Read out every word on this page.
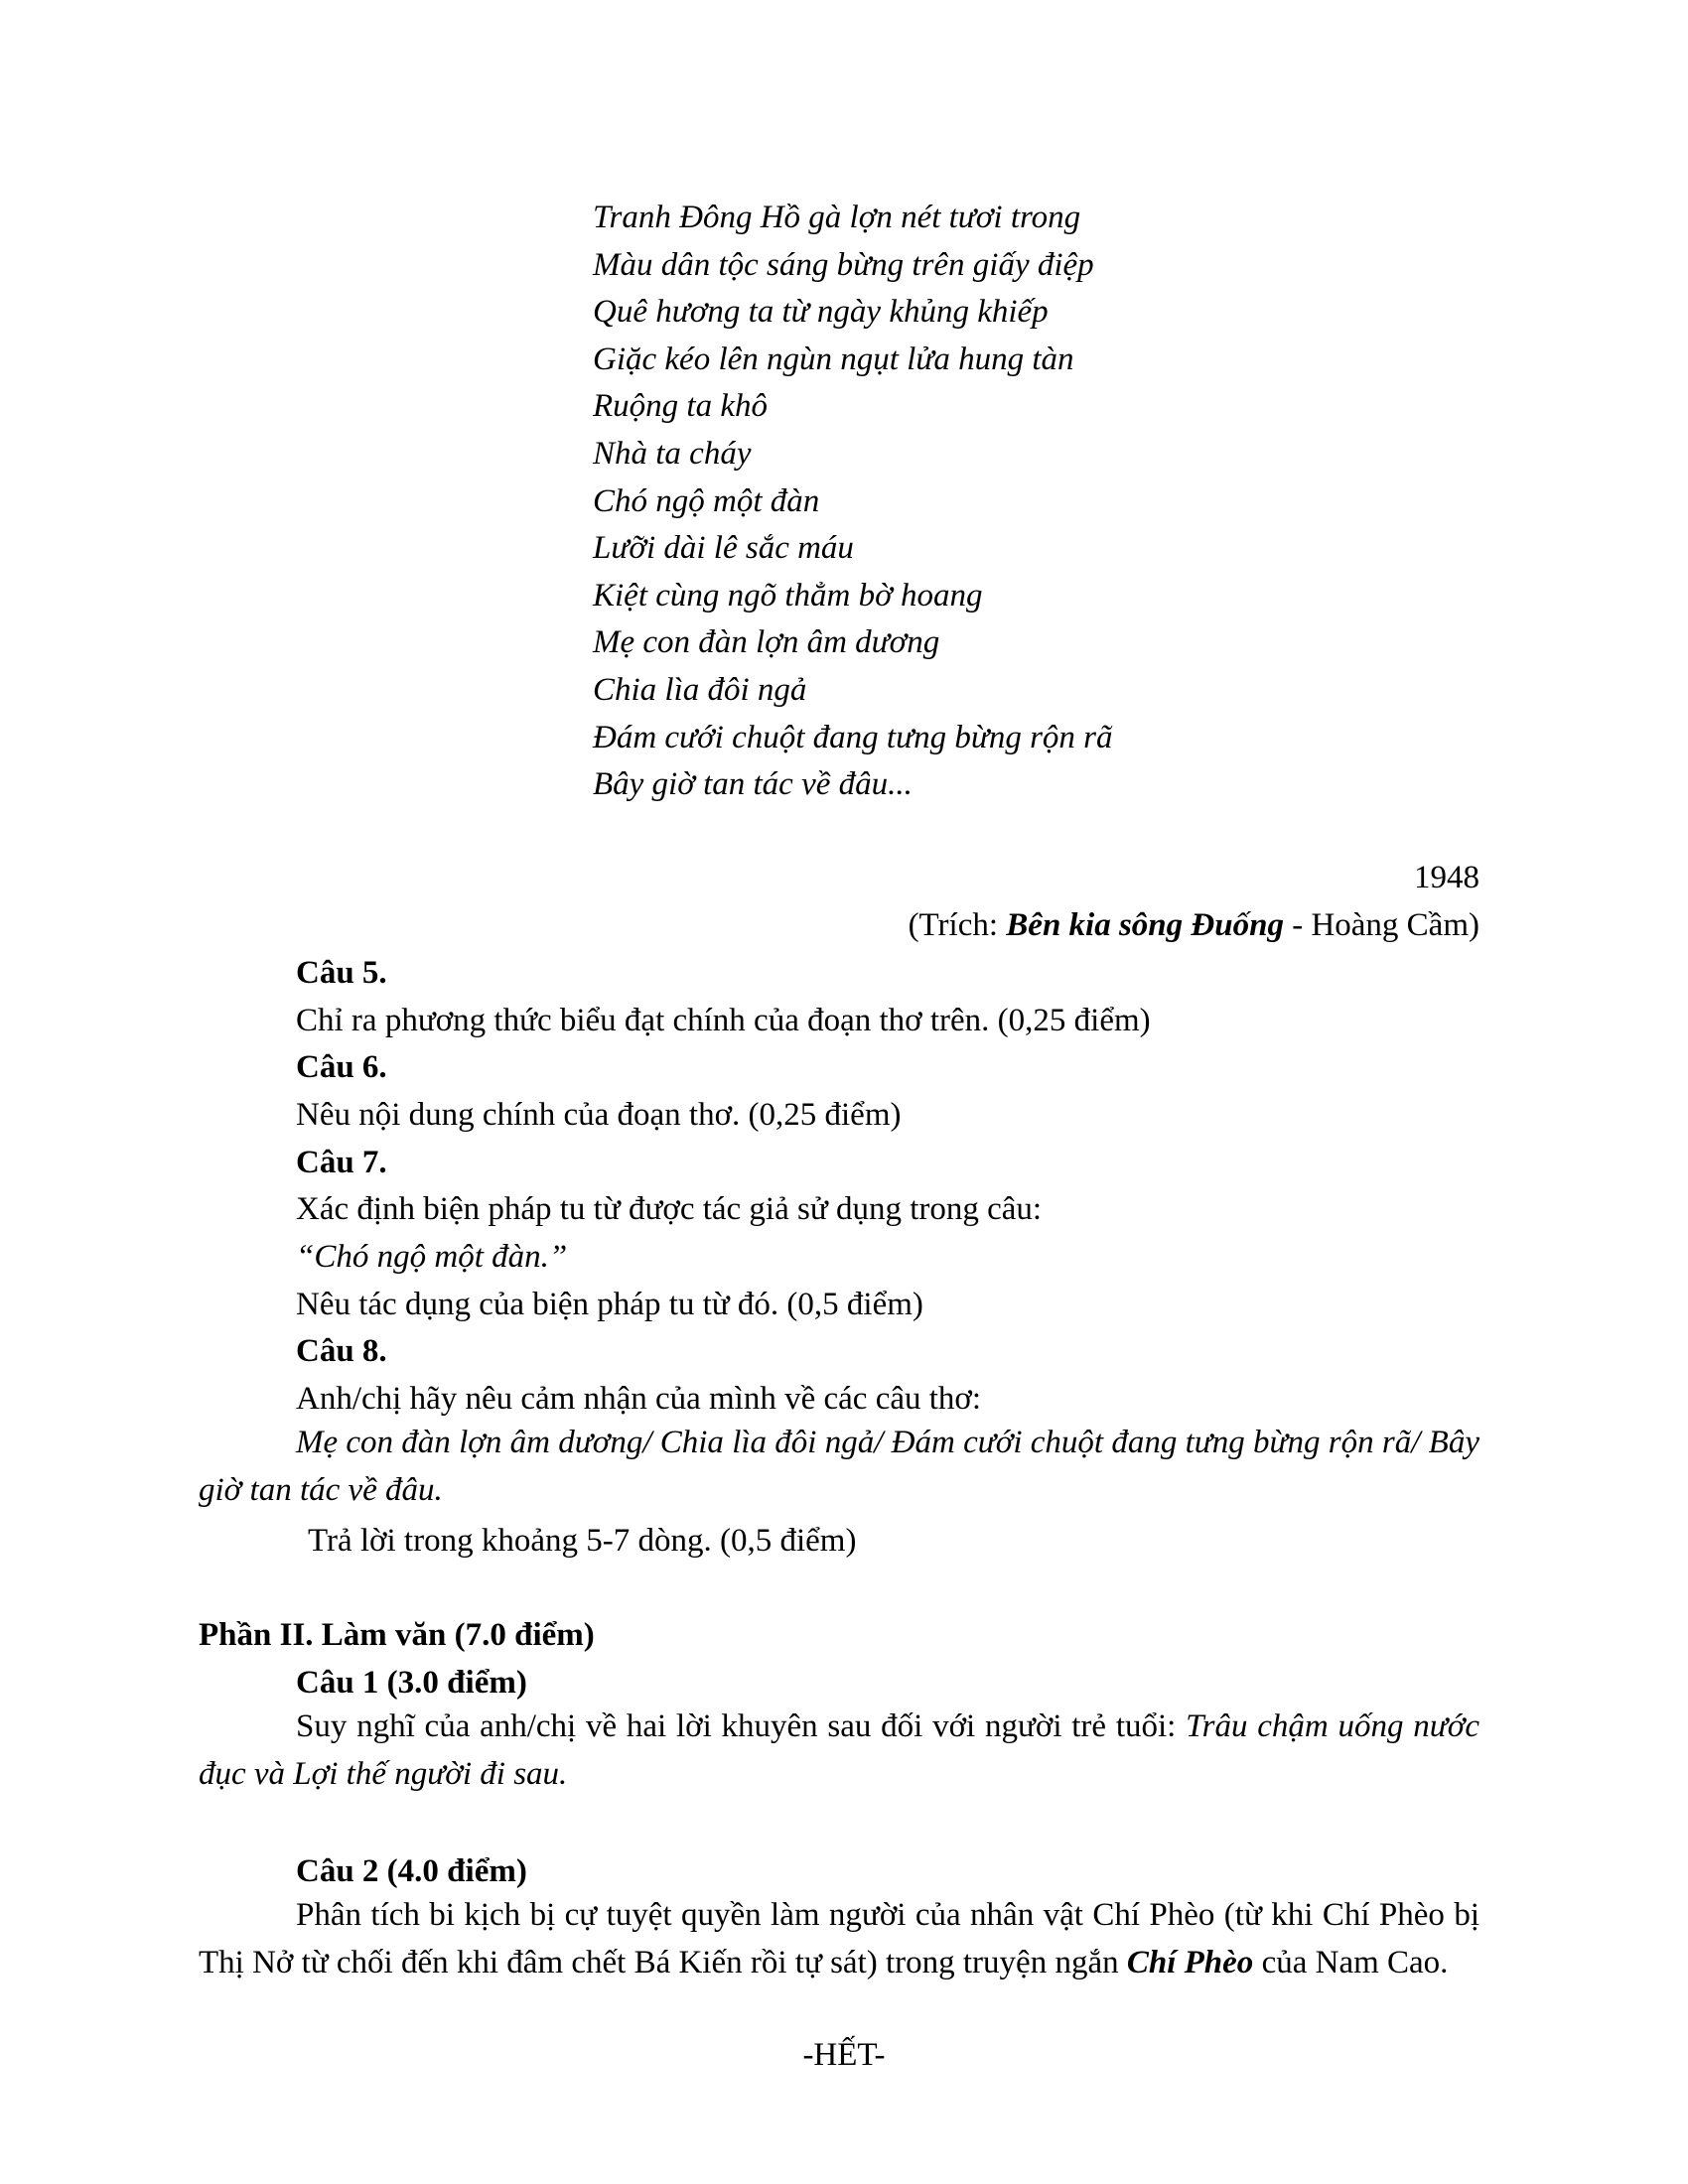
Tranh Đông Hồ gà lợn nét tươi trong
Màu dân tộc sáng bừng trên giấy điệp
Quê hương ta từ ngày khủng khiếp
Giặc kéo lên ngùn ngụt lửa hung tàn
Ruộng ta khô
Nhà ta cháy
Chó ngộ một đàn
Lưỡi dài lê sắc máu
Kiệt cùng ngõ thẳm bờ hoang
Mẹ con đàn lợn âm dương
Chia lìa đôi ngả
Đám cưới chuột đang tưng bừng rộn rã
Bây giờ tan tác về đâu...
1948
(Trích: Bên kia sông Đuống - Hoàng Cầm)
Câu 5.
Chỉ ra phương thức biểu đạt chính của đoạn thơ trên. (0,25 điểm)
Câu 6.
Nêu nội dung chính của đoạn thơ. (0,25 điểm)
Câu 7.
Xác định biện pháp tu từ được tác giả sử dụng trong câu:
“Chó ngộ một đàn.”
Nêu tác dụng của biện pháp tu từ đó. (0,5 điểm)
Câu 8.
Anh/chị hãy nêu cảm nhận của mình về các câu thơ:
Mẹ con đàn lợn âm dương/ Chia lìa đôi ngả/ Đám cưới chuột đang tưng bừng rộn rã/ Bây giờ tan tác về đâu.
Trả lời trong khoảng 5-7 dòng. (0,5 điểm)
Phần II. Làm văn (7.0 điểm)
Câu 1 (3.0 điểm)
Suy nghĩ của anh/chị về hai lời khuyên sau đối với người trẻ tuổi: Trâu chậm uống nước đục và Lợi thế người đi sau.
Câu 2 (4.0 điểm)
Phân tích bi kịch bị cự tuyệt quyền làm người của nhân vật Chí Phèo (từ khi Chí Phèo bị Thị Nở từ chối đến khi đâm chết Bá Kiến rồi tự sát) trong truyện ngắn Chí Phèo của Nam Cao.
-HẾT-
